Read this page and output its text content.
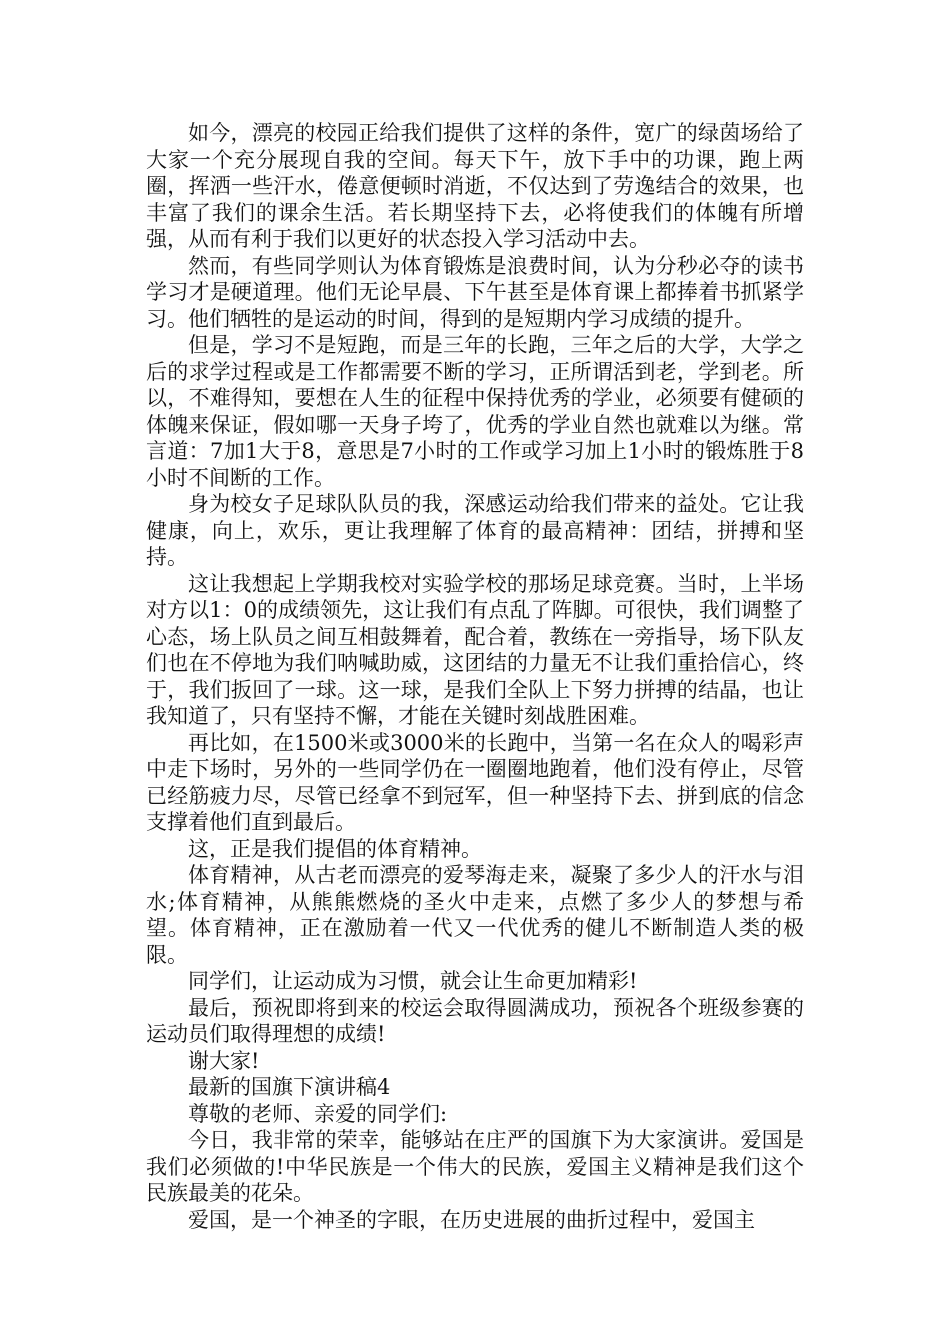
如今，漂亮的校园正给我们提供了这样的条件，宽广的绿茵场给了大家一个充分展现自我的空间。每天下午，放下手中的功课，跑上两圈，挥洒一些汗水，倦意便顿时消逝，不仅达到了劳逸结合的效果，也丰富了我们的课余生活。若长期坚持下去，必将使我们的体魄有所增强，从而有利于我们以更好的状态投入学习活动中去。

然而，有些同学则认为体育锻炼是浪费时间，认为分秒必夺的读书学习才是硬道理。他们无论早晨、下午甚至是体育课上都捧着书抓紧学习。他们牺牲的是运动的时间，得到的是短期内学习成绩的提升。

但是，学习不是短跑，而是三年的长跑，三年之后的大学，大学之后的求学过程或是工作都需要不断的学习，正所谓活到老，学到老。所以，不难得知，要想在人生的征程中保持优秀的学业，必须要有健硕的体魄来保证，假如哪一天身子垮了，优秀的学业自然也就难以为继。常言道：7加1大于8，意思是7小时的工作或学习加上1小时的锻炼胜于8小时不间断的工作。

身为校女子足球队队员的我，深感运动给我们带来的益处。它让我健康，向上，欢乐，更让我理解了体育的最高精神：团结，拼搏和坚持。

这让我想起上学期我校对实验学校的那场足球竞赛。当时，上半场对方以1：0的成绩领先，这让我们有点乱了阵脚。可很快，我们调整了心态，场上队员之间互相鼓舞着，配合着，教练在一旁指导，场下队友们也在不停地为我们呐喊助威，这团结的力量无不让我们重拾信心，终于，我们扳回了一球。这一球，是我们全队上下努力拼搏的结晶，也让我知道了，只有坚持不懈，才能在关键时刻战胜困难。

再比如，在1500米或3000米的长跑中，当第一名在众人的喝彩声中走下场时，另外的一些同学仍在一圈圈地跑着，他们没有停止，尽管已经筋疲力尽，尽管已经拿不到冠军，但一种坚持下去、拼到底的信念支撑着他们直到最后。

这，正是我们提倡的体育精神。

体育精神，从古老而漂亮的爱琴海走来，凝聚了多少人的汗水与泪水;体育精神，从熊熊燃烧的圣火中走来，点燃了多少人的梦想与希望。体育精神，正在激励着一代又一代优秀的健儿不断制造人类的极限。

同学们，让运动成为习惯，就会让生命更加精彩!

最后，预祝即将到来的校运会取得圆满成功，预祝各个班级参赛的运动员们取得理想的成绩!

谢大家!

最新的国旗下演讲稿4

尊敬的老师、亲爱的同学们:

今日，我非常的荣幸，能够站在庄严的国旗下为大家演讲。爱国是我们必须做的!中华民族是一个伟大的民族，爱国主义精神是我们这个民族最美的花朵。

爱国，是一个神圣的字眼，在历史进展的曲折过程中，爱国主
